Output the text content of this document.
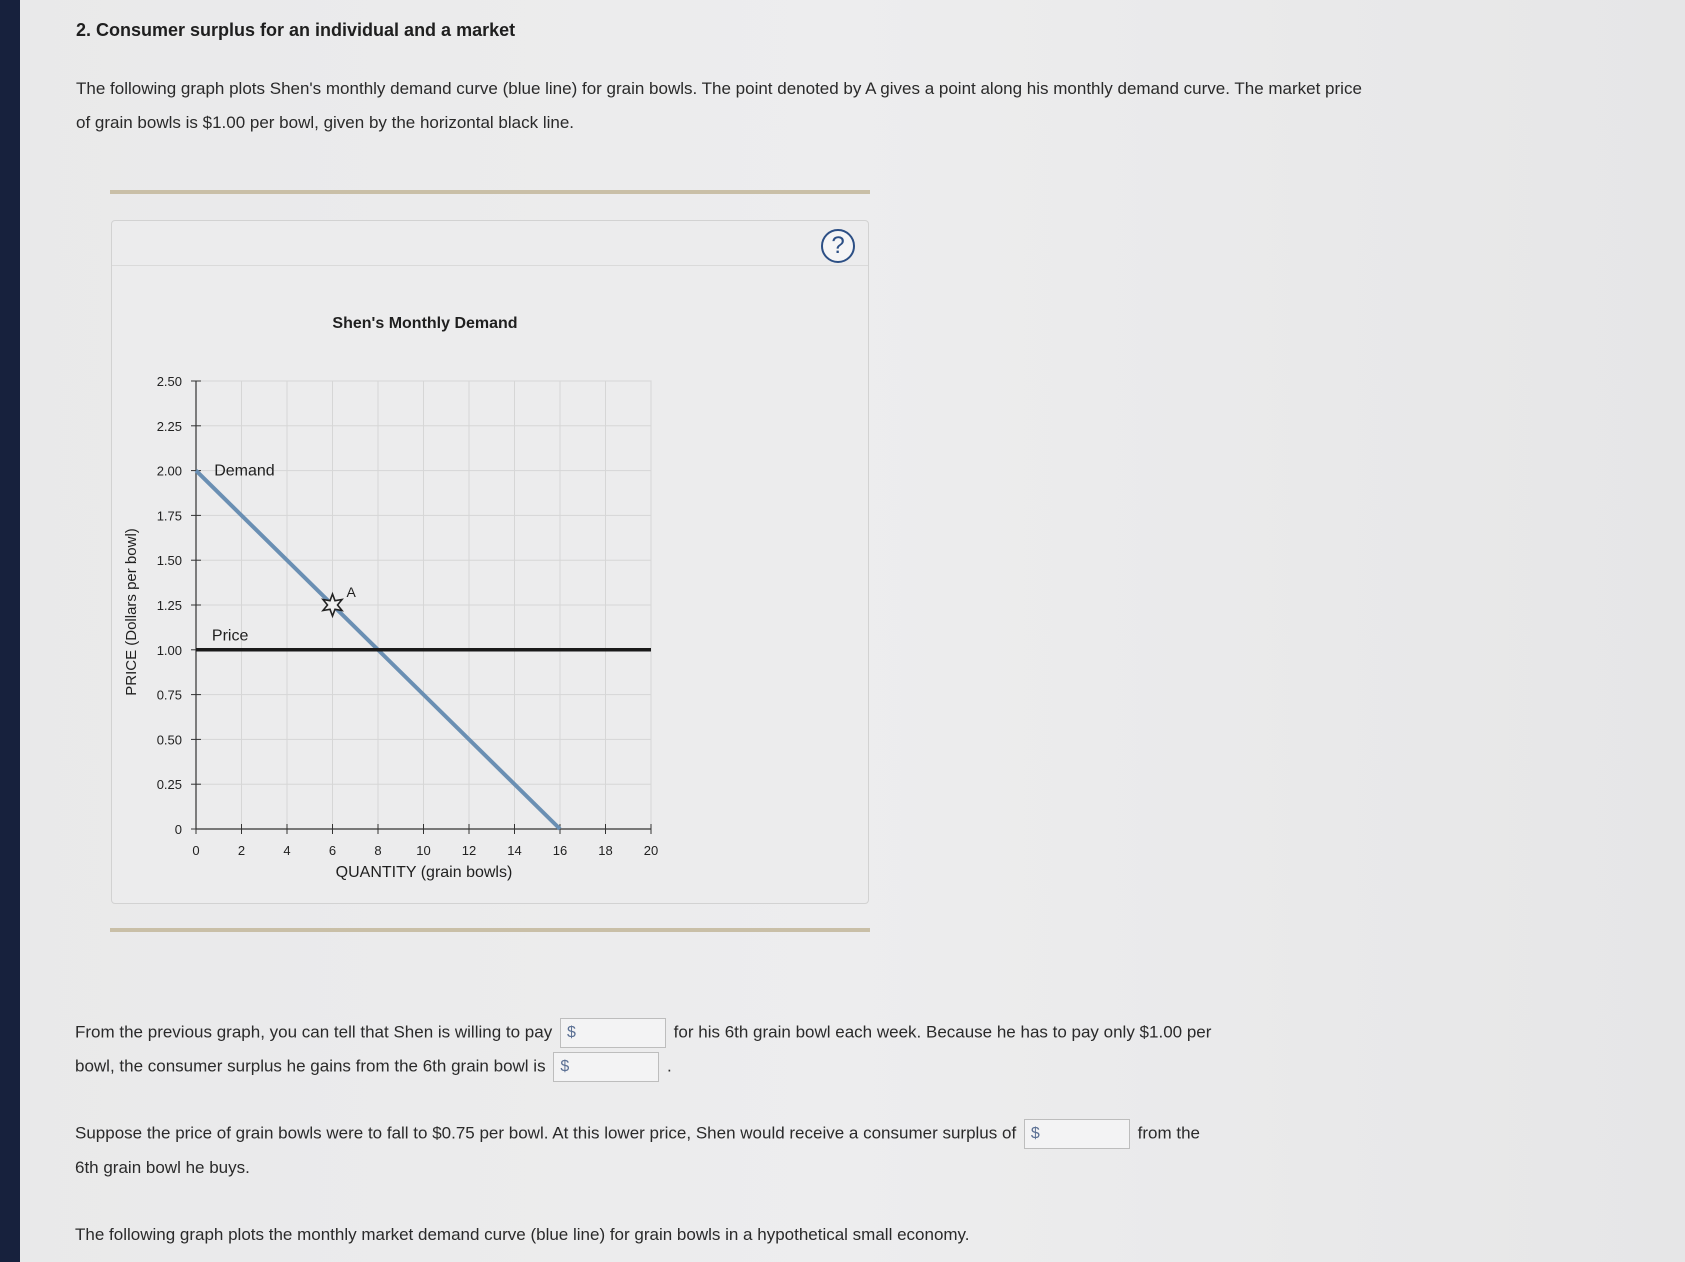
2. Consumer surplus for an individual and a market

The following graph plots Shen's monthly demand curve (blue line) for grain bowls. The point denoted by A gives a point along his monthly demand curve. The market price of grain bowls is $1.00 per bowl, given by the horizontal black line.

?
Shen's Monthly Demand
0
0.25
0.50
0.75
1.00
1.25
1.50
1.75
2.00
2.25
2.50
0	2	4	6	8	10 12 14 16 18 20
Demand
Price
A
QUANTITY (grain bowls)
PRICE (Dollars per bowl)

From the previous graph, you can tell that Shen is willing to pay $	for his 6th grain bowl each week. Because he has to pay only $1.00 per

bowl, the consumer surplus he gains from the 6th grain bowl is $	.

Suppose the price of grain bowls were to fall to $0.75 per bowl. At this lower price, Shen would receive a consumer surplus of $	from the

6th grain bowl he buys.

The following graph plots the monthly market demand curve (blue line) for grain bowls in a hypothetical small economy.
